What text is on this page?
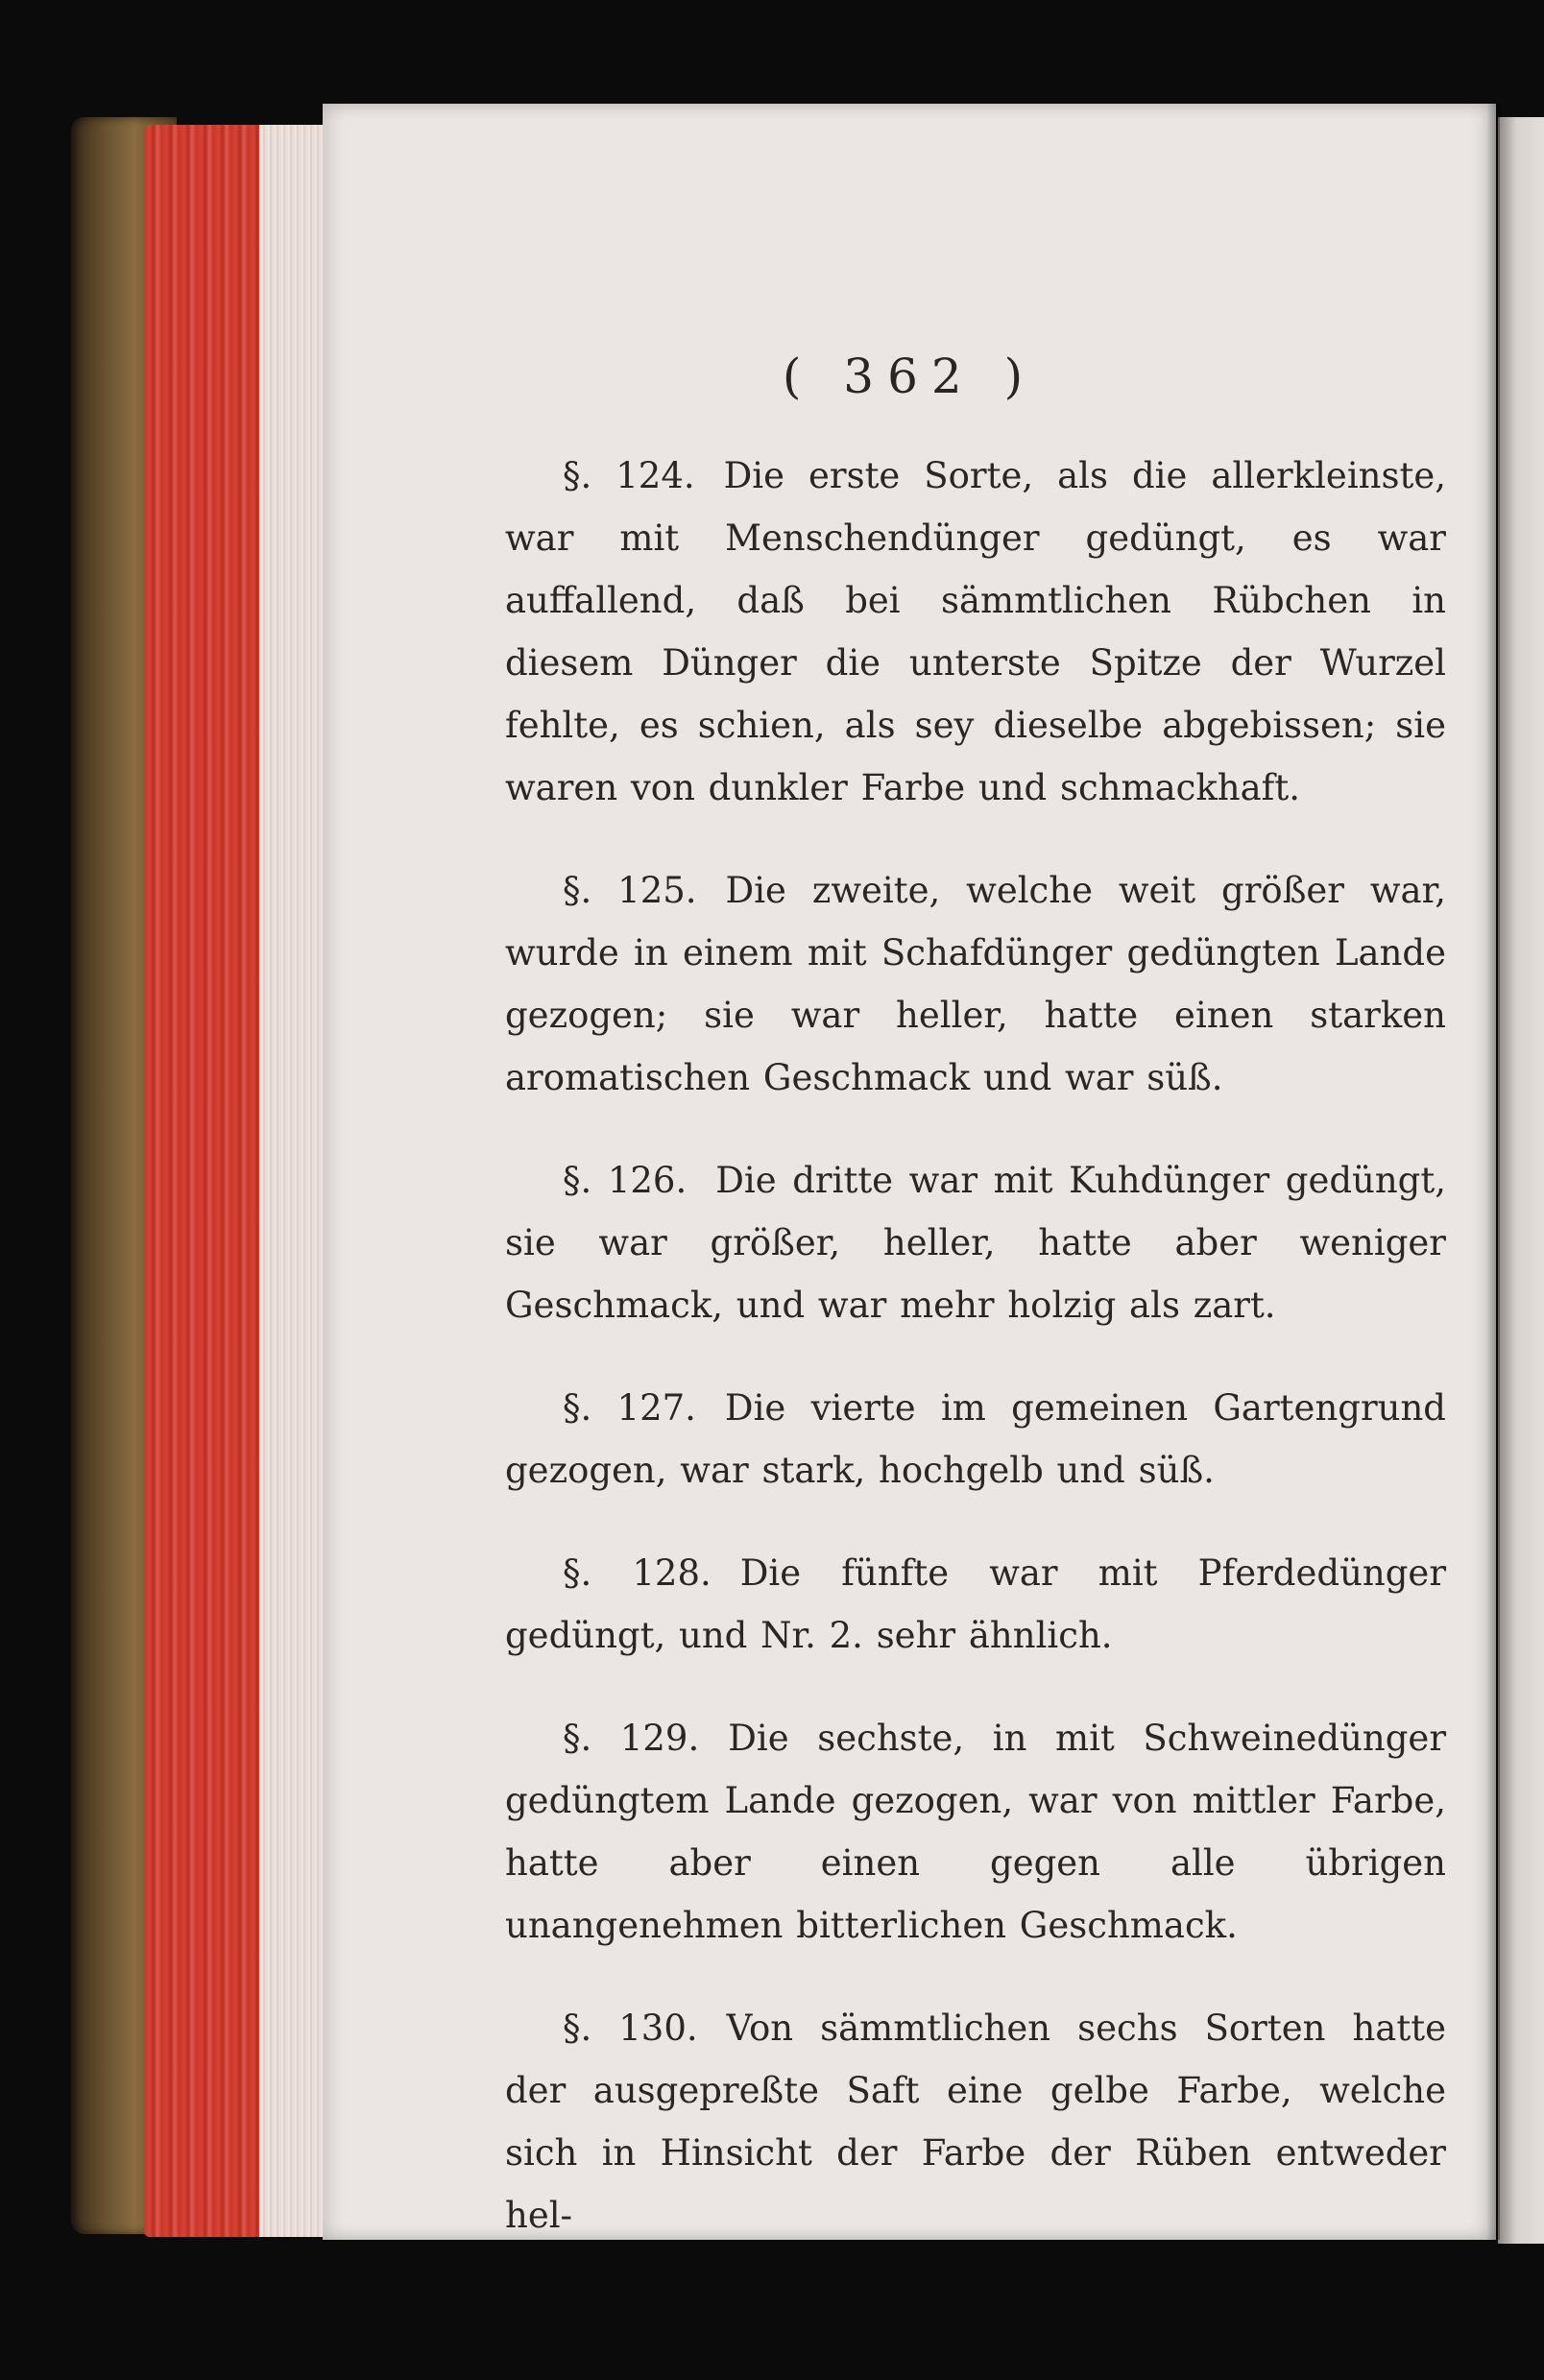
( 362 )

§. 124. Die erste Sorte, als die allerkleinste, war mit Menschendünger gedüngt, es war auffallend, daß bei sämmtlichen Rübchen in diesem Dünger die unterste Spitze der Wurzel fehlte, es schien, als sey dieselbe abgebissen; sie waren von dunkler Farbe und schmackhaft.

§. 125. Die zweite, welche weit größer war, wurde in einem mit Schafdünger gedüngten Lande gezogen; sie war heller, hatte einen starken aromatischen Geschmack und war süß.

§. 126. Die dritte war mit Kuhdünger gedüngt, sie war größer, heller, hatte aber weniger Geschmack, und war mehr holzig als zart.

§. 127. Die vierte im gemeinen Gartengrund gezogen, war stark, hochgelb und süß.

§. 128. Die fünfte war mit Pferdedünger gedüngt, und Nr. 2. sehr ähnlich.

§. 129. Die sechste, in mit Schweinedünger gedüngtem Lande gezogen, war von mittler Farbe, hatte aber einen gegen alle übrigen unangenehmen bitterlichen Geschmack.

§. 130. Von sämmtlichen sechs Sorten hatte der ausgepreßte Saft eine gelbe Farbe, welche sich in Hinsicht der Farbe der Rüben entweder hel-
